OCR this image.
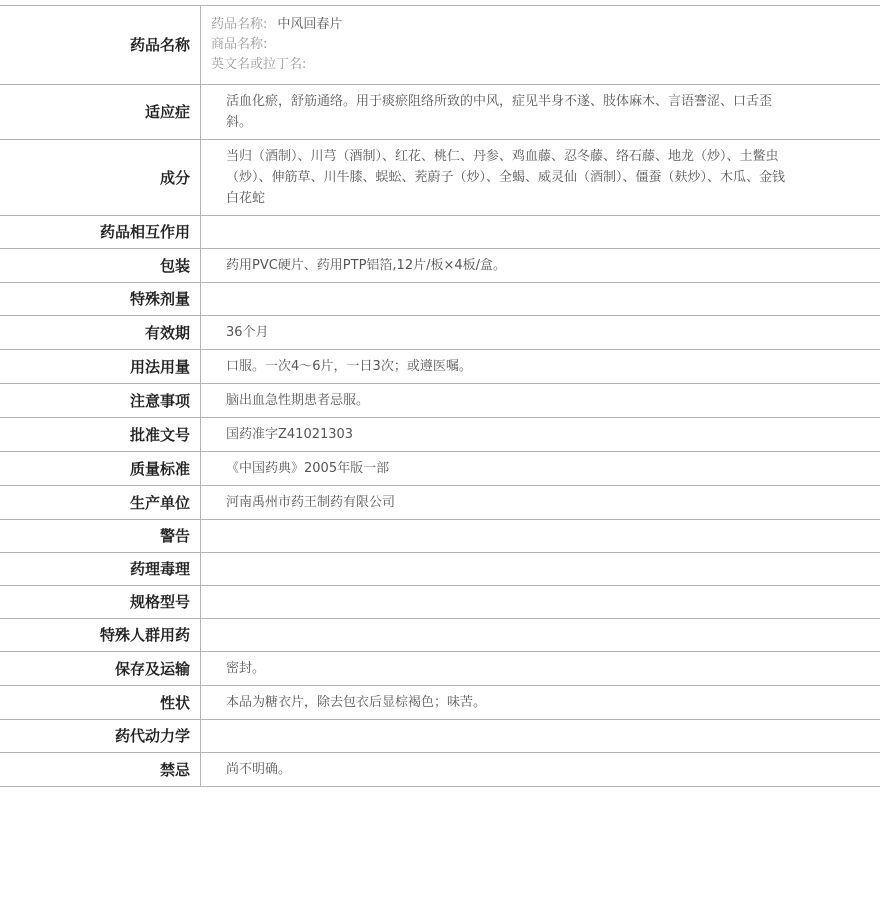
药品名称	药品名称: 中风回春片
商品名称:
英文名或拉丁名:

适应症	活血化瘀，舒筋通络。用于痰瘀阻络所致的中风，症见半身不遂、肢体麻木、言语謇涩、口舌歪斜。
成分	当归（酒制）、川芎（酒制）、红花、桃仁、丹参、鸡血藤、忍冬藤、络石藤、地龙（炒）、土鳖虫（炒）、伸筋草、川牛膝、蜈蚣、茺蔚子（炒）、全蝎、威灵仙（酒制）、僵蚕（麸炒）、木瓜、金钱白花蛇
药品相互作用	
包装	药用PVC硬片、药用PTP铝箔,12片/板×4板/盒。
特殊剂量	
有效期	36个月
用法用量	口服。一次4～6片，一日3次；或遵医嘱。
注意事项	脑出血急性期患者忌服。
批准文号	国药准字Z41021303
质量标准	《中国药典》2005年版一部
生产单位	河南禹州市药王制药有限公司
警告	
药理毒理	
规格型号	
特殊人群用药	
保存及运输	密封。
性状	本品为糖衣片，除去包衣后显棕褐色；味苦。
药代动力学	
禁忌	尚不明确。
